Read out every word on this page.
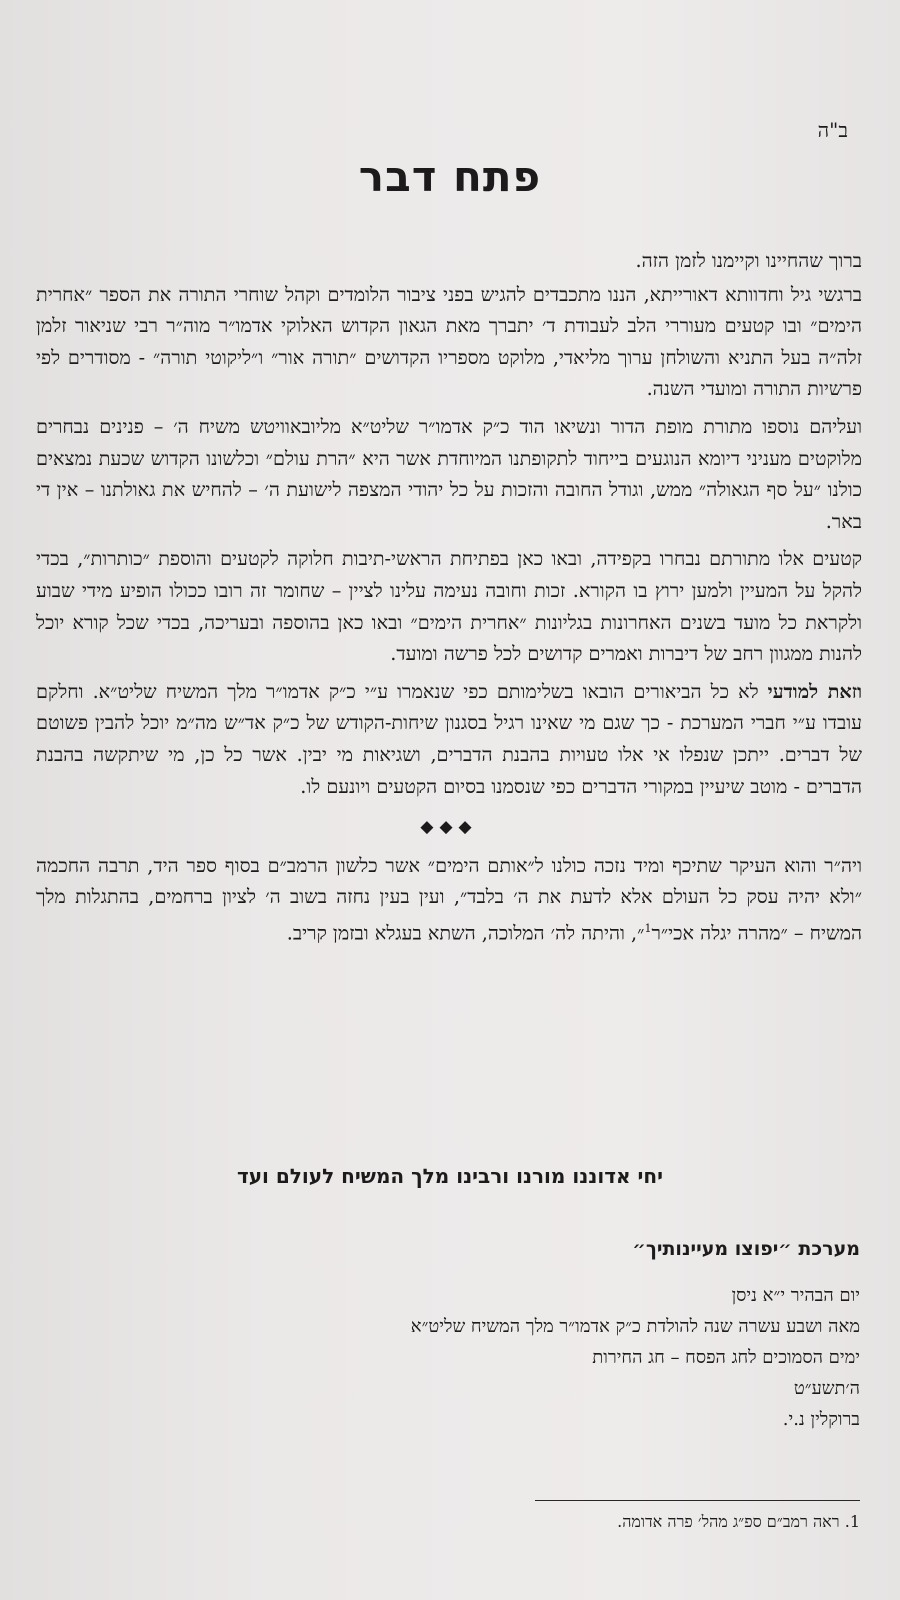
ב"ה
פתח דבר

ברוך שהחיינו וקיימנו לזמן הזה.

ברגשי גיל וחדוותא דאורייתא, הננו מתכבדים להגיש בפני ציבור הלומדים וקהל שוחרי התורה את הספר ״אחרית הימים״ ובו קטעים מעוררי הלב לעבודת ד׳ יתברך מאת הגאון הקדוש האלוקי אדמו״ר מוה״ר רבי שניאור זלמן זלה״ה בעל התניא והשולחן ערוך מליאדי, מלוקט מספריו הקדושים ״תורה אור״ ו״ליקוטי תורה״ - מסודרים לפי פרשיות התורה ומועדי השנה.

ועליהם נוספו מתורת מופת הדור ונשיאו הוד כ״ק אדמו״ר שליט״א מליובאוויטש משיח ה׳ – פנינים נבחרים מלוקטים מעניני דיומא הנוגעים בייחוד לתקופתנו המיוחדת אשר היא ״הרת עולם״ וכלשונו הקדוש שכעת נמצאים כולנו ״על סף הגאולה״ ממש, וגודל החובה והזכות על כל יהודי המצפה לישועת ה׳ – להחיש את גאולתנו – אין די באר.

קטעים אלו מתורתם נבחרו בקפידה, ובאו כאן בפתיחת הראשי-תיבות חלוקה לקטעים והוספת ״כותרות״, בכדי להקל על המעיין ולמען ירוץ בו הקורא. זכות וחובה נעימה עלינו לציין – שחומר זה רובו ככולו הופיע מידי שבוע ולקראת כל מועד בשנים האחרונות בגליונות ״אחרית הימים״ ובאו כאן בהוספה ובעריכה, בכדי שכל קורא יוכל להנות ממגוון רחב של דיברות ואמרים קדושים לכל פרשה ומועד.

וזאת למודעי לא כל הביאורים הובאו בשלימותם כפי שנאמרו ע״י כ״ק אדמו״ר מלך המשיח שליט״א. וחלקם עובדו ע״י חברי המערכת - כך שגם מי שאינו רגיל בסגנון שיחות-הקודש של כ״ק אד״ש מה״מ יוכל להבין פשוטם של דברים. ייתכן שנפלו אי אלו טעויות בהבנת הדברים, ושגיאות מי יבין. אשר כל כן, מי שיתקשה בהבנת הדברים - מוטב שיעיין במקורי הדברים כפי שנסמנו בסיום הקטעים ויונעם לו.

◆◆◆

ויה״ר והוא העיקר שתיכף ומיד נזכה כולנו ל״אותם הימים״ אשר כלשון הרמב״ם בסוף ספר היד, תרבה החכמה ״ולא יהיה עסק כל העולם אלא לדעת את ה׳ בלבד״, ועין בעין נחזה בשוב ה׳ לציון ברחמים, בהתגלות מלך המשיח – ״מהרה יגלה אכי״ר$^1$״, והיתה לה׳ המלוכה, השתא בעגלא ובזמן קריב.

יחי אדוננו מורנו ורבינו מלך המשיח לעולם ועד
מערכת ״יפוצו מעיינותיך״
יום הבהיר י״א ניסן
מאה ושבע עשרה שנה להולדת כ״ק אדמו״ר מלך המשיח שליט״א
ימים הסמוכים לחג הפסח – חג החירות
ה׳תשע״ט
ברוקלין נ.י.
1. ראה רמב״ם ספ״ג מהל׳ פרה אדומה.
